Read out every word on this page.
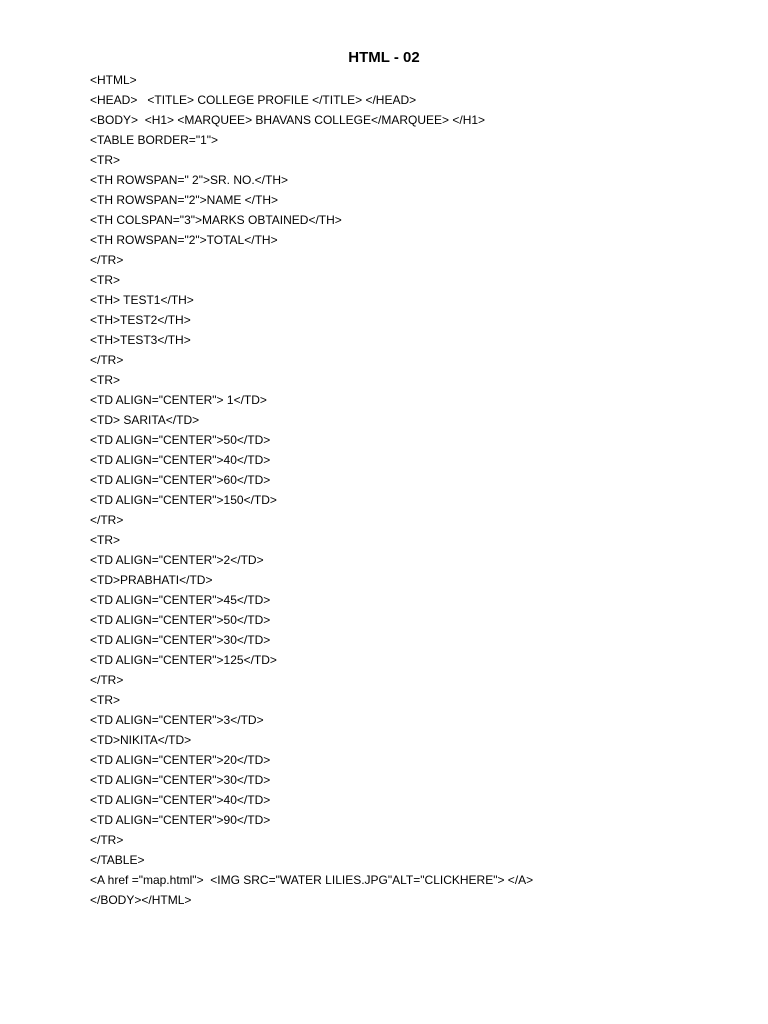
HTML - 02
<HTML>
<HEAD>   <TITLE> COLLEGE PROFILE </TITLE> </HEAD>
<BODY>  <H1> <MARQUEE> BHAVANS COLLEGE</MARQUEE> </H1>
<TABLE BORDER="1">
<TR>
<TH ROWSPAN=" 2">SR. NO.</TH>
<TH ROWSPAN="2">NAME </TH>
<TH COLSPAN="3">MARKS OBTAINED</TH>
<TH ROWSPAN="2">TOTAL</TH>
</TR>
<TR>
<TH> TEST1</TH>
<TH>TEST2</TH>
<TH>TEST3</TH>
</TR>
<TR>
<TD ALIGN="CENTER"> 1</TD>
<TD> SARITA</TD>
<TD ALIGN="CENTER">50</TD>
<TD ALIGN="CENTER">40</TD>
<TD ALIGN="CENTER">60</TD>
<TD ALIGN="CENTER">150</TD>
</TR>
<TR>
<TD ALIGN="CENTER">2</TD>
<TD>PRABHATI</TD>
<TD ALIGN="CENTER">45</TD>
<TD ALIGN="CENTER">50</TD>
<TD ALIGN="CENTER">30</TD>
<TD ALIGN="CENTER">125</TD>
</TR>
<TR>
<TD ALIGN="CENTER">3</TD>
<TD>NIKITA</TD>
<TD ALIGN="CENTER">20</TD>
<TD ALIGN="CENTER">30</TD>
<TD ALIGN="CENTER">40</TD>
<TD ALIGN="CENTER">90</TD>
</TR>
</TABLE>
<A href ="map.html">  <IMG SRC="WATER LILIES.JPG"ALT="CLICKHERE"> </A>
</BODY></HTML>
